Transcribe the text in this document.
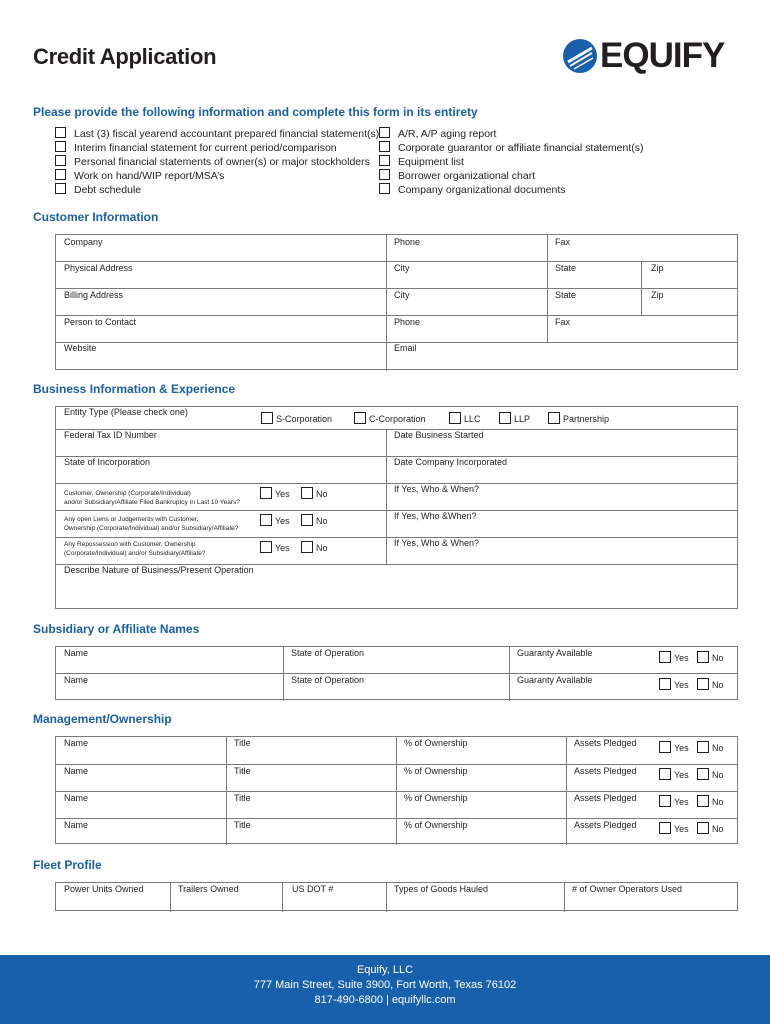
Credit Application	EQUIFY
Please provide the following information and complete this form in its entirety
Last (3) fiscal yearend accountant prepared financial statement(s)
Interim financial statement for current period/comparison
Personal financial statements of owner(s) or major stockholders
Work on hand/WIP report/MSA’s
Debt schedule
A/R, A/P aging report
Corporate guarantor or affiliate financial statement(s)
Equipment list
Borrower organizational chart
Company organizational documents
Customer Information
Company	Phone	Fax
Physical Address	City	State	Zip
Billing Address	City	State	Zip
Person to Contact	Phone	Fax
Website	Email
Business Information & Experience
Entity Type (Please check one)
S-Corporation	C-Corporation	LLC	LLP	Partnership
Federal Tax ID Number	Date Business Started
State of Incorporation	Date Company Incorporated
Customer, Ownership (Corporate/Individual)
and/or Subsidiary/Affiliate Filed Bankruptcy In Last 10 Years?
Yes	No	If Yes, Who & When?
Any open Liens or Judgements with Customer,
Ownership (Corporate/Individual) and/or Subsidiary/Affiliate?
Yes	No	If Yes, Who &When?
Any Repossession with Customer, Ownership
(Corporate/Individual) and/or Subsidiary/Affiliate?
Yes	No	If Yes, Who & When?
Describe Nature of Business/Present Operation
Subsidiary or Affiliate Names
Name	State of Operation	Guaranty Available	Yes	No
Name	State of Operation	Guaranty Available	Yes	No
Management/Ownership
Name	Title	% of Ownership	Assets Pledged	Yes	No
Name	Title	% of Ownership	Assets Pledged	Yes	No
Name	Title	% of Ownership	Assets Pledged	Yes	No
Name	Title	% of Ownership	Assets Pledged	Yes	No
Fleet Profile
Power Units Owned	Trailers Owned	US DOT #	Types of Goods Hauled	# of Owner Operators Used
Equify, LLC
777 Main Street, Suite 3900, Fort Worth, Texas 76102
817-490-6800 | equifyllc.com
